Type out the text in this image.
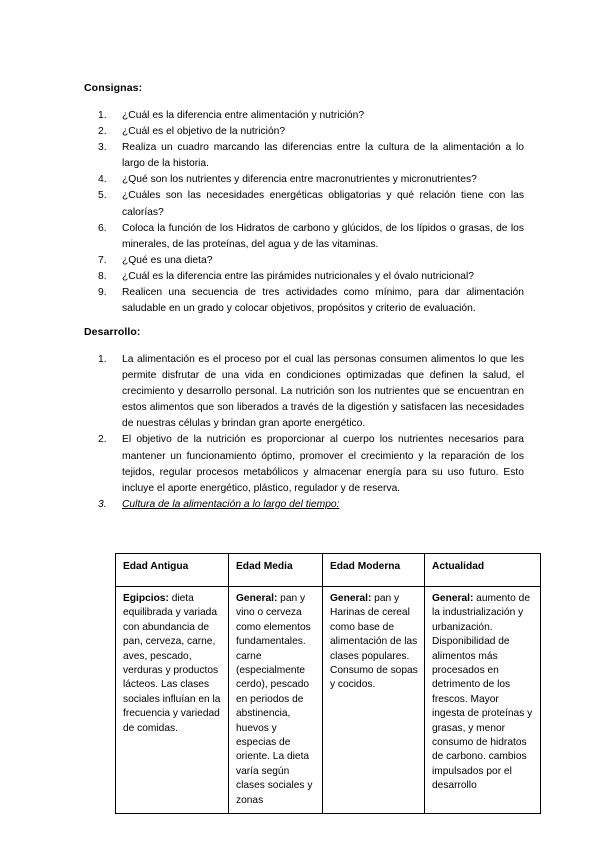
Consignas:
1.	¿Cuál es la diferencia entre alimentación y nutrición?
2.	¿Cuál es el objetivo de la nutrición?
3.	Realiza un cuadro marcando las diferencias entre la cultura de la alimentación a lo largo de la historia.
4.	¿Qué son los nutrientes y diferencia entre macronutrientes y micronutrientes?
5.	¿Cuáles son las necesidades energéticas obligatorias y qué relación tiene con las calorías?
6.	Coloca la función de los Hidratos de carbono y glúcidos, de los lípidos o grasas, de los minerales, de las proteínas, del agua y de las vitaminas.
7.	¿Qué es una dieta?
8.	¿Cuál es la diferencia entre las pirámides nutricionales y el óvalo nutricional?
9.	Realicen una secuencia de tres actividades como mínimo, para dar alimentación saludable en un grado y colocar objetivos, propósitos y criterio de evaluación.
Desarrollo:
1.	La alimentación es el proceso por el cual las personas consumen alimentos lo que les permite disfrutar de una vida en condiciones optimizadas que definen la salud, el crecimiento y desarrollo personal. La nutrición son los nutrientes que se encuentran en estos alimentos que son liberados a través de la digestión y satisfacen las necesidades de nuestras células y brindan gran aporte energético.
2.	El objetivo de la nutrición es proporcionar al cuerpo los nutrientes necesarios para mantener un funcionamiento óptimo, promover el crecimiento y la reparación de los tejidos, regular procesos metabólicos y almacenar energía para su uso futuro. Esto incluye el aporte energético, plástico, regulador y de reserva.
3.	Cultura de la alimentación a lo largo del tiempo:
Edad Antigua	Edad Media	Edad Moderna	Actualidad
Egipcios: dieta equilibrada y variada con abundancia de pan, cerveza, carne, aves, pescado, verduras y productos lácteos. Las clases sociales influían en la frecuencia y variedad de comidas.	General: pan y vino o cerveza como elementos fundamentales. carne (especialmente cerdo), pescado en periodos de abstinencia, huevos y especias de oriente. La dieta varía según clases sociales y zonas	General: pan y Harinas de cereal como base de alimentación de las clases populares. Consumo de sopas y cocidos.	General: aumento de la industrialización y urbanización. Disponibilidad de alimentos más procesados en detrimento de los frescos. Mayor ingesta de proteínas y grasas, y menor consumo de hidratos de carbono. cambios impulsados por el desarrollo
